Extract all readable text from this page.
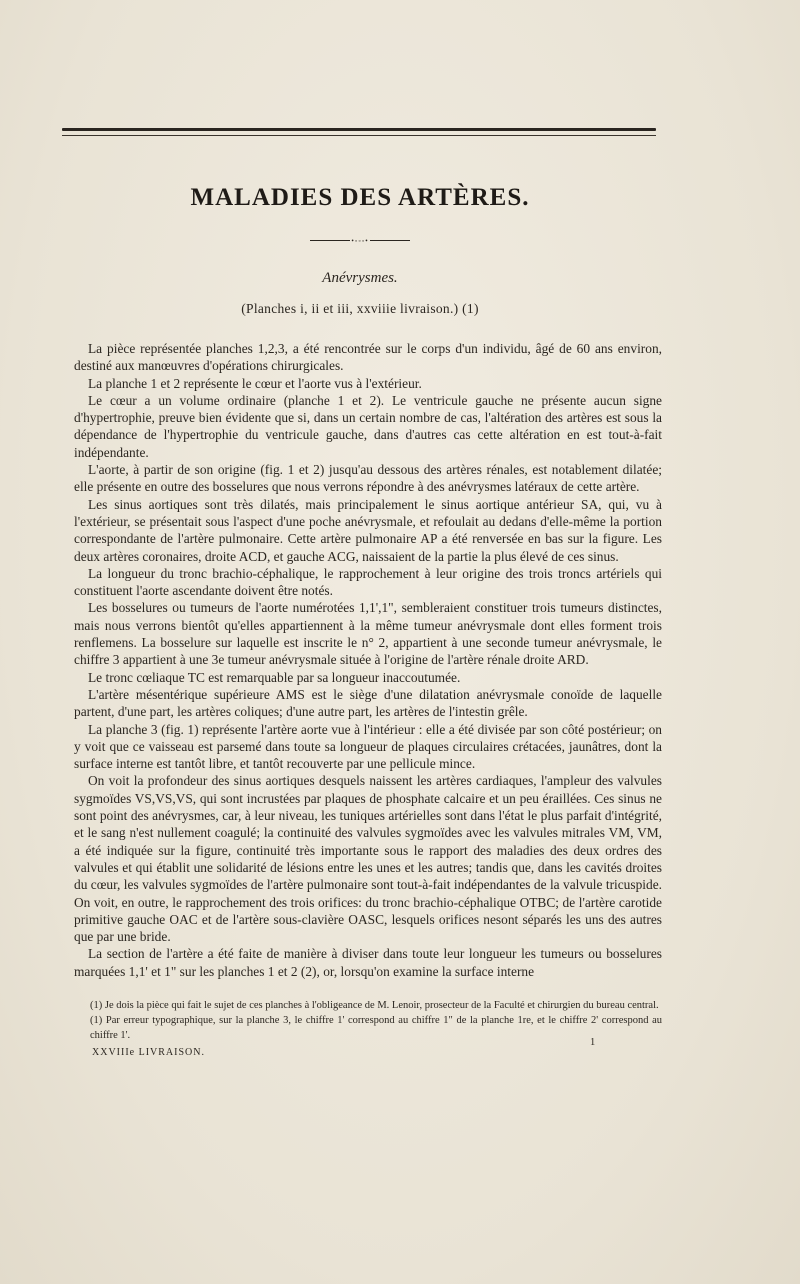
MALADIES DES ARTÈRES.
•◦◦◦•
Anévrysmes.
(Planches i, ii et iii, xxviiie livraison.) (1)

La pièce représentée planches 1,2,3, a été rencontrée sur le corps d'un individu, âgé de 60 ans environ, destiné aux manœuvres d'opérations chirurgicales.

La planche 1 et 2 représente le cœur et l'aorte vus à l'extérieur.

Le cœur a un volume ordinaire (planche 1 et 2). Le ventricule gauche ne présente aucun signe d'hypertrophie, preuve bien évidente que si, dans un certain nombre de cas, l'altération des artères est sous la dépendance de l'hypertrophie du ventricule gauche, dans d'autres cas cette altération en est tout-à-fait indépendante.

L'aorte, à partir de son origine (fig. 1 et 2) jusqu'au dessous des artères rénales, est notablement dilatée; elle présente en outre des bosselures que nous verrons répondre à des anévrysmes latéraux de cette artère.

Les sinus aortiques sont très dilatés, mais principalement le sinus aortique antérieur SA, qui, vu à l'extérieur, se présentait sous l'aspect d'une poche anévrysmale, et refoulait au dedans d'elle-même la portion correspondante de l'artère pulmonaire. Cette artère pulmonaire AP a été renversée en bas sur la figure. Les deux artères coronaires, droite ACD, et gauche ACG, naissaient de la partie la plus élevé de ces sinus.

La longueur du tronc brachio-céphalique, le rapprochement à leur origine des trois troncs artériels qui constituent l'aorte ascendante doivent être notés.

Les bosselures ou tumeurs de l'aorte numérotées 1,1',1", sembleraient constituer trois tumeurs distinctes, mais nous verrons bientôt qu'elles appartiennent à la même tumeur anévrysmale dont elles forment trois renflemens. La bosselure sur laquelle est inscrite le n° 2, appartient à une seconde tumeur anévrysmale, le chiffre 3 appartient à une 3e tumeur anévrysmale située à l'origine de l'artère rénale droite ARD.

Le tronc cœliaque TC est remarquable par sa longueur inaccoutumée.

L'artère mésentérique supérieure AMS est le siège d'une dilatation anévrysmale conoïde de laquelle partent, d'une part, les artères coliques; d'une autre part, les artères de l'intestin grêle.

La planche 3 (fig. 1) représente l'artère aorte vue à l'intérieur : elle a été divisée par son côté postérieur; on y voit que ce vaisseau est parsemé dans toute sa longueur de plaques circulaires crétacées, jaunâtres, dont la surface interne est tantôt libre, et tantôt recouverte par une pellicule mince.

On voit la profondeur des sinus aortiques desquels naissent les artères cardiaques, l'ampleur des valvules sygmoïdes VS,VS,VS, qui sont incrustées par plaques de phosphate calcaire et un peu éraillées. Ces sinus ne sont point des anévrysmes, car, à leur niveau, les tuniques artérielles sont dans l'état le plus parfait d'intégrité, et le sang n'est nullement coagulé; la continuité des valvules sygmoïdes avec les valvules mitrales VM, VM, a été indiquée sur la figure, continuité très importante sous le rapport des maladies des deux ordres des valvules et qui établit une solidarité de lésions entre les unes et les autres; tandis que, dans les cavités droites du cœur, les valvules sygmoïdes de l'artère pulmonaire sont tout-à-fait indépendantes de la valvule tricuspide. On voit, en outre, le rapprochement des trois orifices: du tronc brachio-céphalique OTBC; de l'artère carotide primitive gauche OAC et de l'artère sous-clavière OASC, lesquels orifices nesont séparés les uns des autres que par une bride.

La section de l'artère a été faite de manière à diviser dans toute leur longueur les tumeurs ou bosselures marquées 1,1' et 1" sur les planches 1 et 2 (2), or, lorsqu'on examine la surface interne

(1) Je dois la pièce qui fait le sujet de ces planches à l'obligeance de M. Lenoir, prosecteur de la Faculté et chirurgien du bureau central.

(1) Par erreur typographique, sur la planche 3, le chiffre 1' correspond au chiffre 1" de la planche 1re, et le chiffre 2' correspond au chiffre 1'.

XXVIIIe LIVRAISON.
1
